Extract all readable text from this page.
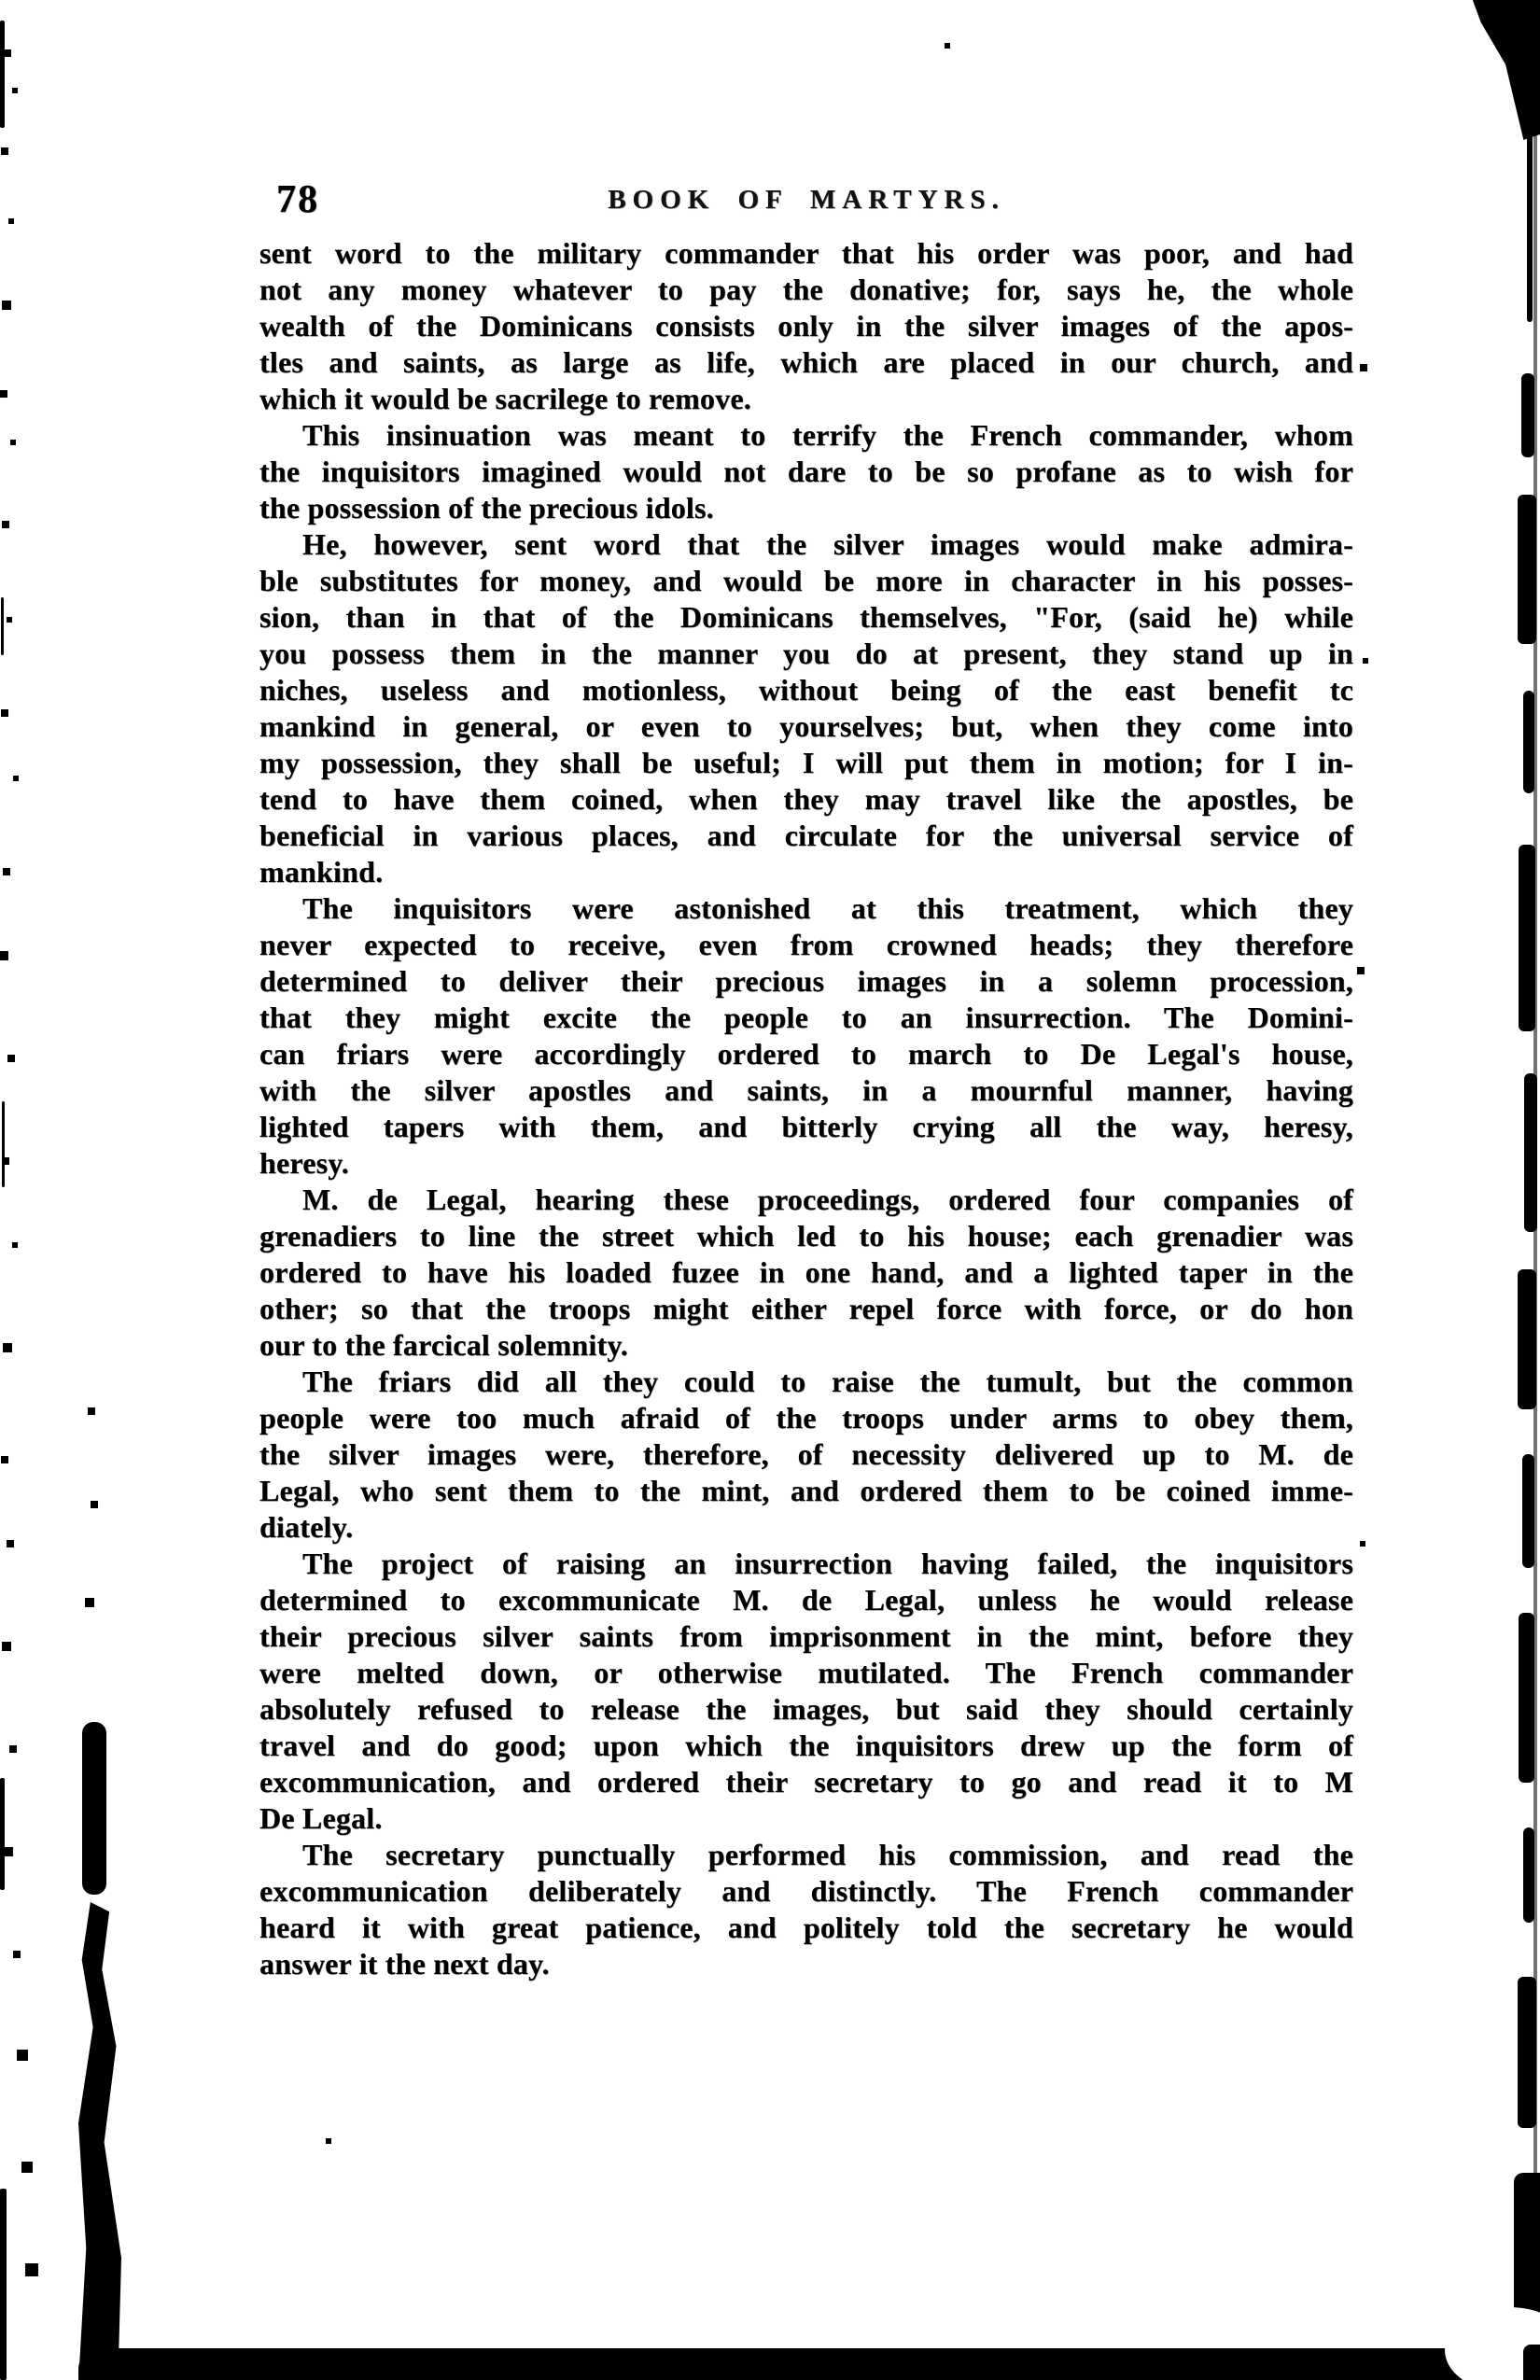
78	BOOK OF MARTYRS.
sent word to the military commander that his order was poor, and had
not any money whatever to pay the donative; for, says he, the whole
wealth of the Dominicans consists only in the silver images of the apos-
tles and saints, as large as life, which are placed in our church, and
which it would be sacrilege to remove.
This insinuation was meant to terrify the French commander, whom
the inquisitors imagined would not dare to be so profane as to wish for
the possession of the precious idols.
He, however, sent word that the silver images would make admira-
ble substitutes for money, and would be more in character in his posses-
sion, than in that of the Dominicans themselves, "For, (said he) while
you possess them in the manner you do at present, they stand up in
niches, useless and motionless, without being of the east benefit tc
mankind in general, or even to yourselves; but, when they come into
my possession, they shall be useful; I will put them in motion; for I in-
tend to have them coined, when they may travel like the apostles, be
beneficial in various places, and circulate for the universal service of
mankind.
The inquisitors were astonished at this treatment, which they
never expected to receive, even from crowned heads; they therefore
determined to deliver their precious images in a solemn procession,
that they might excite the people to an insurrection. The Domini-
can friars were accordingly ordered to march to De Legal's house,
with the silver apostles and saints, in a mournful manner, having
lighted tapers with them, and bitterly crying all the way, heresy,
heresy.
M. de Legal, hearing these proceedings, ordered four companies of
grenadiers to line the street which led to his house; each grenadier was
ordered to have his loaded fuzee in one hand, and a lighted taper in the
other; so that the troops might either repel force with force, or do hon
our to the farcical solemnity.
The friars did all they could to raise the tumult, but the common
people were too much afraid of the troops under arms to obey them,
the silver images were, therefore, of necessity delivered up to M. de
Legal, who sent them to the mint, and ordered them to be coined imme-
diately.
The project of raising an insurrection having failed, the inquisitors
determined to excommunicate M. de Legal, unless he would release
their precious silver saints from imprisonment in the mint, before they
were melted down, or otherwise mutilated. The French commander
absolutely refused to release the images, but said they should certainly
travel and do good; upon which the inquisitors drew up the form of
excommunication, and ordered their secretary to go and read it to M
De Legal.
The secretary punctually performed his commission, and read the
excommunication deliberately and distinctly. The French commander
heard it with great patience, and politely told the secretary he would
answer it the next day.
